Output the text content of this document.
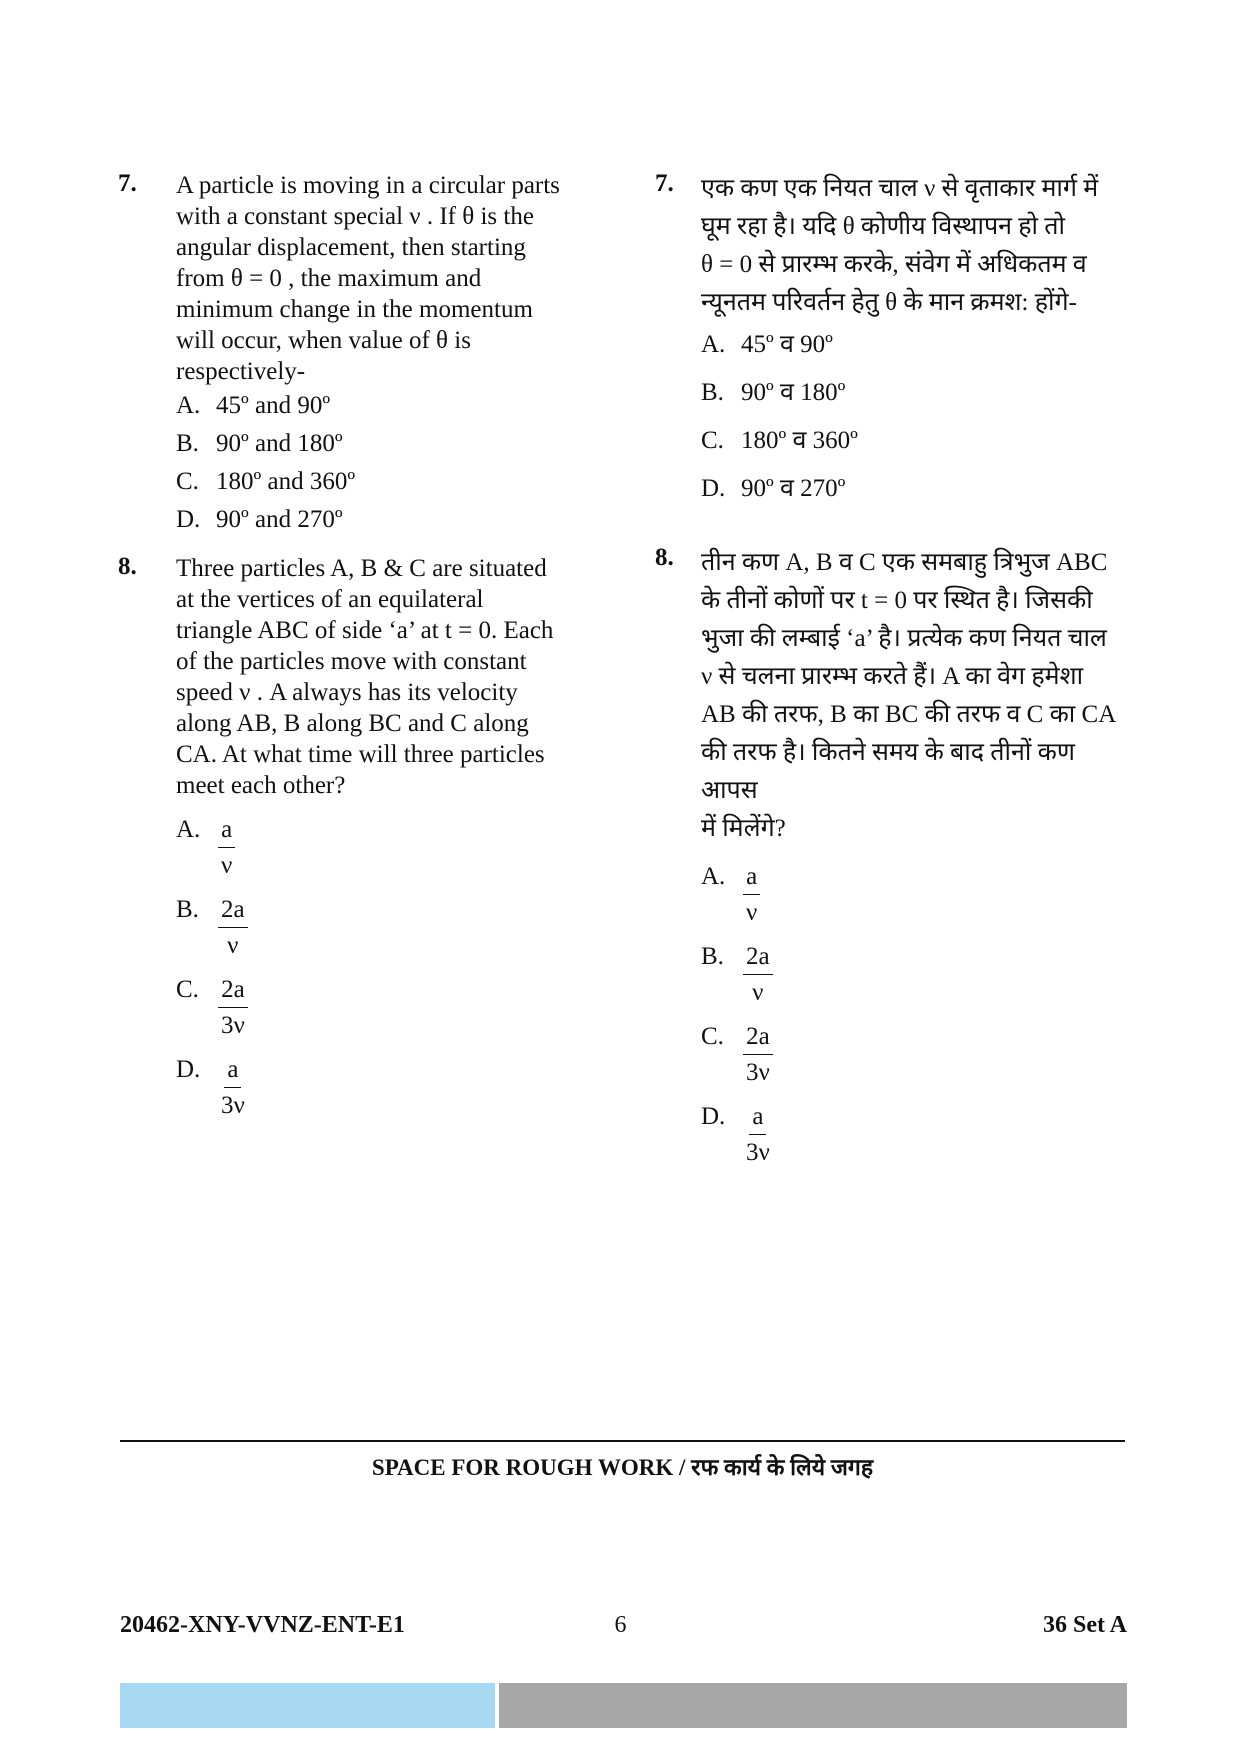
7. A particle is moving in a circular parts
with a constant special ν . If θ is the
angular displacement, then starting
from θ = 0 , the maximum and
minimum change in the momentum
will occur, when value of θ is
respectively-
A. 45º and 90º
B. 90º and 180º
C. 180º and 360º
D. 90º and 270º
8. Three particles A, B & C are situated
at the vertices of an equilateral
triangle ABC of side ‘a’ at t = 0. Each
of the particles move with constant
speed ν . A always has its velocity
along AB, B along BC and C along
CA. At what time will three particles
meet each other?
A. $\frac{a}{\nu}$
B. $\frac{2a}{\nu}$
C. $\frac{2a}{3\nu}$
D. $\frac{a}{3\nu}$
7. एक कण एक नियत चाल ν से वृताकार मार्ग में
घूम रहा है। यदि θ कोणीय विस्थापन हो तो
θ = 0 से प्रारम्भ करके, संवेग में अधिकतम व
न्यूनतम परिवर्तन हेतु θ के मान क्रमश: होंगे-
A. 45º व 90º
B. 90º व 180º
C. 180º व 360º
D. 90º व 270º
8. तीन कण A, B व C एक समबाहु त्रिभुज ABC
के तीनों कोणों पर t = 0 पर स्थित है। जिसकी
भुजा की लम्बाई ‘a’ है। प्रत्येक कण नियत चाल
ν से चलना प्रारम्भ करते हैं। A का वेग हमेशा
AB की तरफ, B का BC की तरफ व C का CA
की तरफ है। कितने समय के बाद तीनों कण आपस
में मिलेंगे?
A. $\frac{a}{\nu}$
B. $\frac{2a}{\nu}$
C. $\frac{2a}{3\nu}$
D. $\frac{a}{3\nu}$
SPACE FOR ROUGH WORK / रफ कार्य के लिये जगह
20462-XNY-VVNZ-ENT-E1	6	36 Set A
